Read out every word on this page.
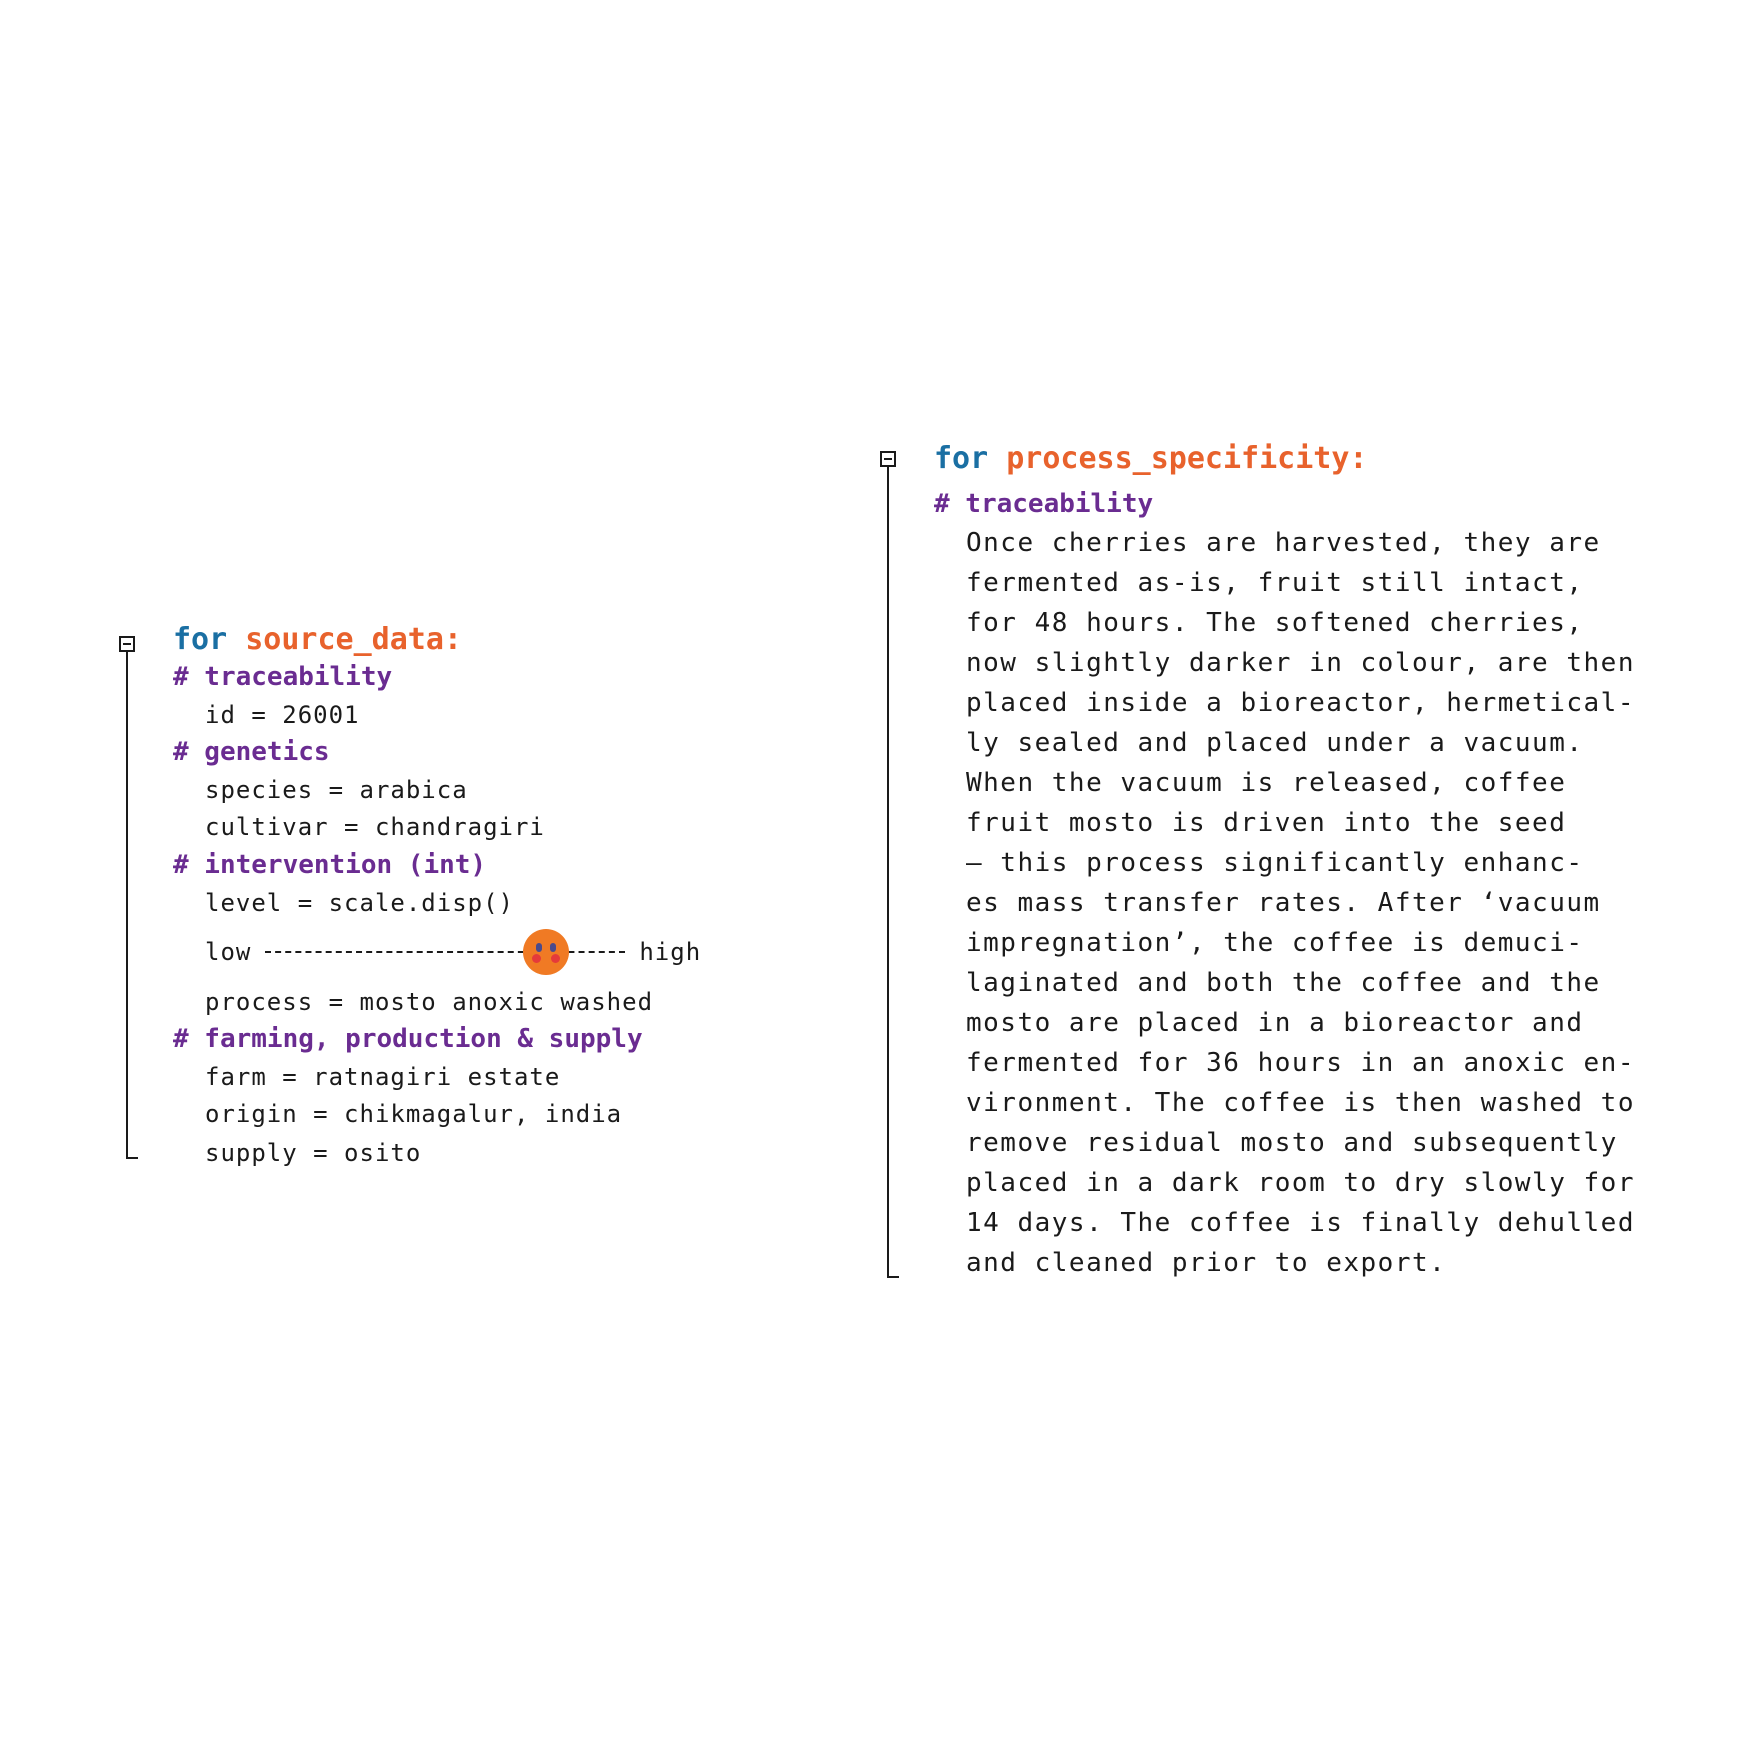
for source_data:
# traceability
id = 26001
# genetics
species = arabica
cultivar = chandragiri
# intervention (int)
level = scale.disp()
low

	high
process = mosto anoxic washed
# farming, production & supply
farm = ratnagiri estate
origin = chikmagalur, india
supply = osito
for process_specificity:
# traceability
Once cherries are harvested, they are
fermented as-is, fruit still intact,
for 48 hours. The softened cherries,
now slightly darker in colour, are then
placed inside a bioreactor, hermetical-
ly sealed and placed under a vacuum.
When the vacuum is released, coffee
fruit mosto is driven into the seed
– this process significantly enhanc-
es mass transfer rates. After ‘vacuum
impregnation’, the coffee is demuci-
laginated and both the coffee and the
mosto are placed in a bioreactor and
fermented for 36 hours in an anoxic en-
vironment. The coffee is then washed to
remove residual mosto and subsequently
placed in a dark room to dry slowly for
14 days. The coffee is finally dehulled
and cleaned prior to export.
